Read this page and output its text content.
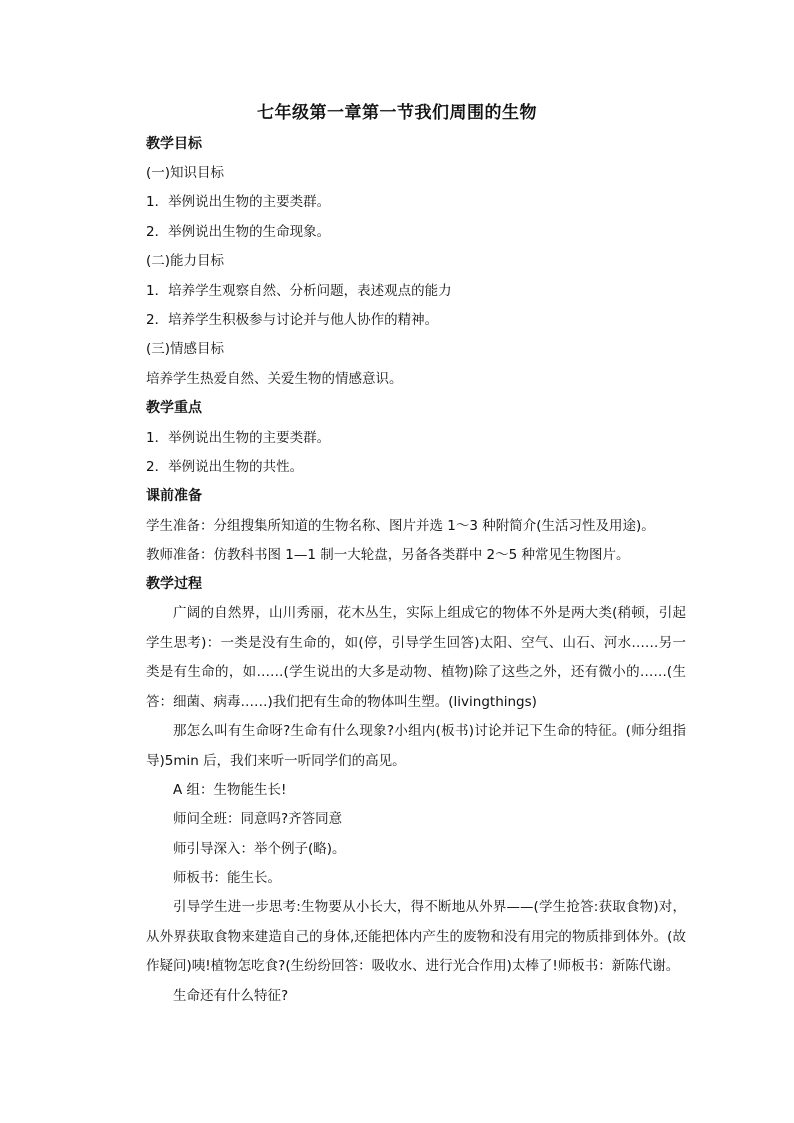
七年级第一章第一节我们周围的生物
教学目标
(一)知识目标
1．举例说出生物的主要类群。
2．举例说出生物的生命现象。
(二)能力目标
1．培养学生观察自然、分析问题，表述观点的能力
2．培养学生积极参与讨论并与他人协作的精神。
(三)情感目标
培养学生热爱自然、关爱生物的情感意识。
教学重点
1．举例说出生物的主要类群。
2．举例说出生物的共性。
课前准备
学生准备：分组搜集所知道的生物名称、图片并选 1～3 种附简介(生活习性及用途)。
教师准备：仿教科书图 1—1 制一大轮盘，另备各类群中 2～5 种常见生物图片。
教学过程
广阔的自然界，山川秀丽，花木丛生，实际上组成它的物体不外是两大类(稍顿，引起学生思考)：一类是没有生命的，如(停，引导学生回答)太阳、空气、山石、河水……另一类是有生命的，如……(学生说出的大多是动物、植物)除了这些之外，还有微小的……(生答：细菌、病毒……)我们把有生命的物体叫生塑。(livingthings)
那怎么叫有生命呀?生命有什么现象?小组内(板书)讨论并记下生命的特征。(师分组指导)5min 后，我们来听一听同学们的高见。
A 组：生物能生长!
师问全班：同意吗?齐答同意
师引导深入：举个例子(略)。
师板书：能生长。
引导学生进一步思考:生物要从小长大，得不断地从外界——(学生抢答:获取食物)对，从外界获取食物来建造自己的身体,还能把体内产生的废物和没有用完的物质排到体外。(故作疑问)咦!植物怎吃食?(生纷纷回答：吸收水、进行光合作用)太棒了!师板书：新陈代谢。
生命还有什么特征?
